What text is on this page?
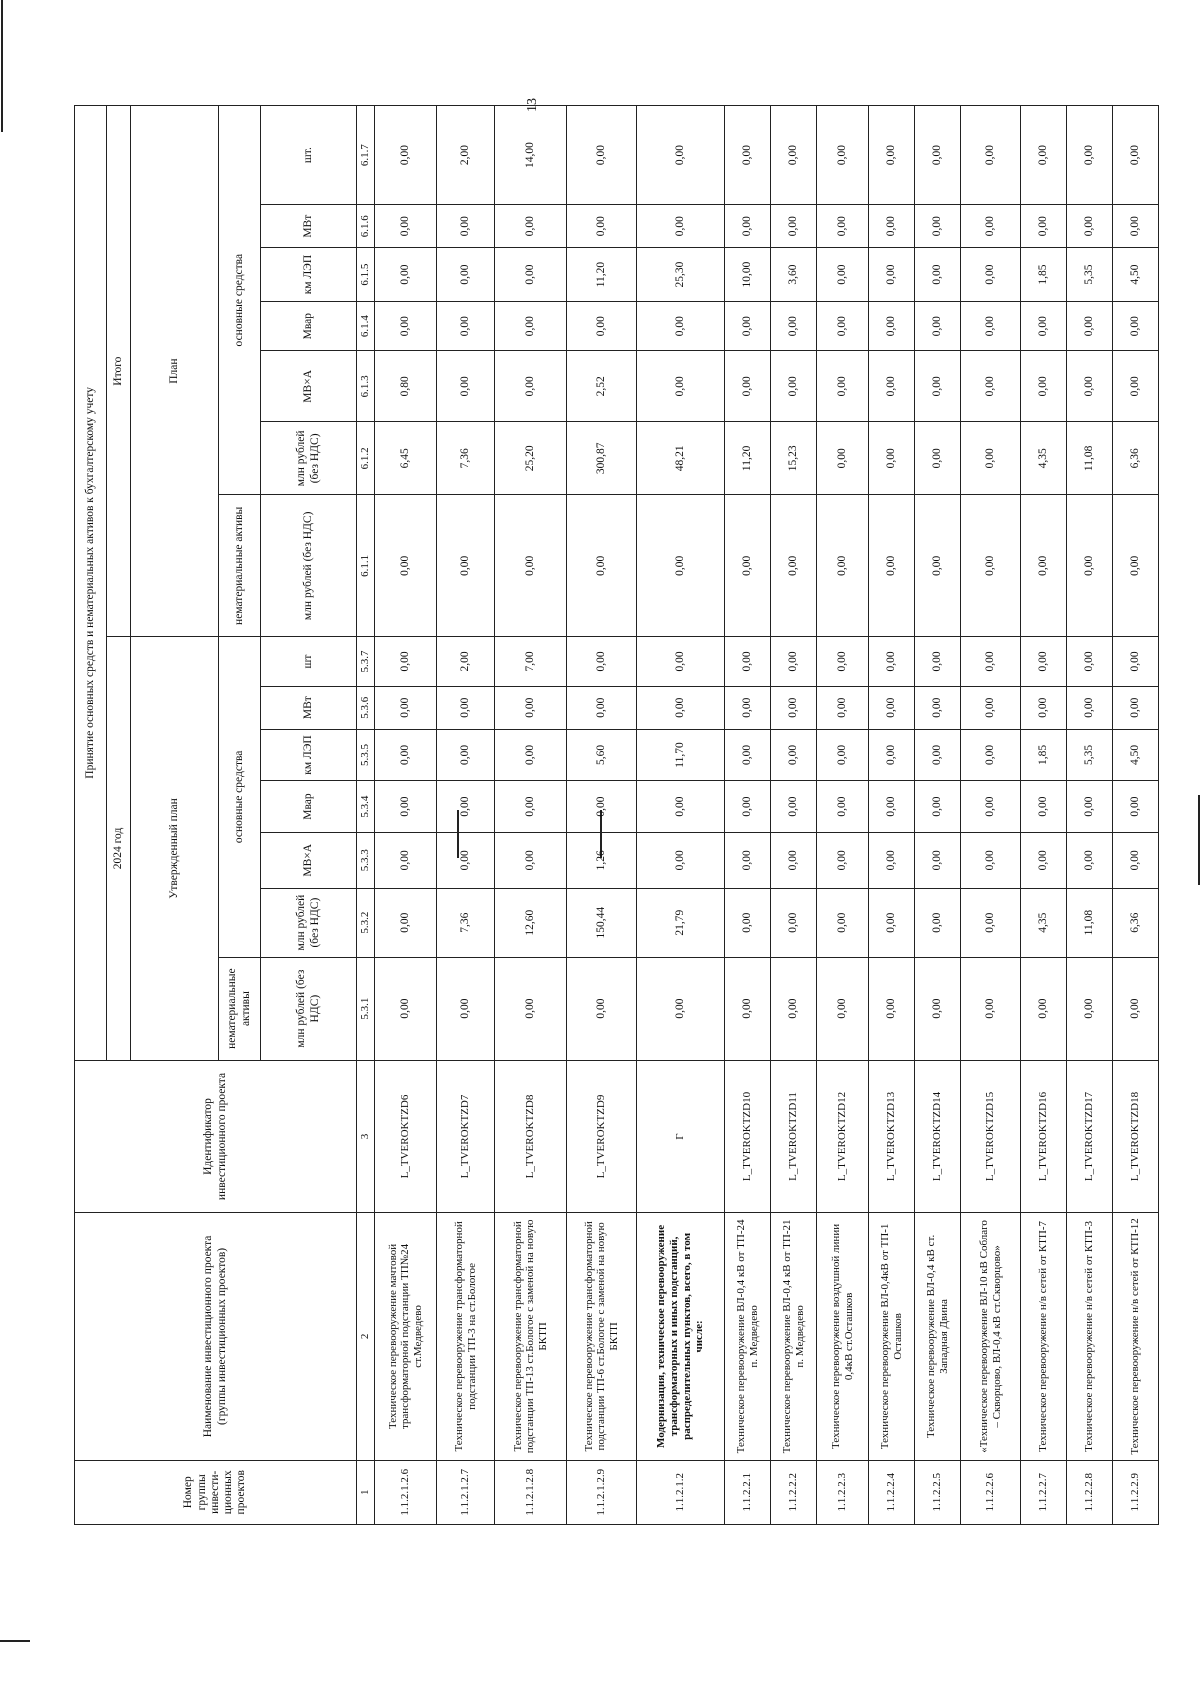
13
Номер группы инвести-ционных проектов	Наименование инвестиционного проекта (группы инвестиционных проектов)	Идентификатор инвестиционного проекта	Принятие основных средств и нематериальных активов к бухгалтерскому учету													
			2024 год							Итого						
			Утвержденный план							План						
			нематериальные активы	основные средства						нематериальные активы	основные средства					
			млн рублей (без НДС)	млн рублей (без НДС)	МВ×А	Мвар	км ЛЭП	МВт	шт	млн рублей (без НДС)	млн рублей (без НДС)	МВ×А	Мвар	км ЛЭП	МВт	шт.
1	2	3	5.3.1	5.3.2	5.3.3	5.3.4	5.3.5	5.3.6	5.3.7	6.1.1	6.1.2	6.1.3	6.1.4	6.1.5	6.1.6	6.1.7
1.1.2.1.2.6	Техническое перевооружение мачтовой трансформаторной подстанции ТП№24 ст.Медведево	L_TVEROKTZD6	0,00	0,00	0,00	0,00	0,00	0,00	0,00	0,00	6,45	0,80	0,00	0,00	0,00	0,00
1.1.2.1.2.7	Техническое перевооружение трансформаторной подстанции ТП-3 на ст.Бологое	L_TVEROKTZD7	0,00	7,36	0,00	0,00	0,00	0,00	2,00	0,00	7,36	0,00	0,00	0,00	0,00	2,00
1.1.2.1.2.8	Техническое перевооружение трансформаторной подстанции ТП-13 ст.Бологое с заменой на новую БКТП	L_TVEROKTZD8	0,00	12,60	0,00	0,00	0,00	0,00	7,00	0,00	25,20	0,00	0,00	0,00	0,00	14,00
1.1.2.1.2.9	Техническое перевооружение трансформаторной подстанции ТП-6 ст.Бологое с заменой на новую БКТП	L_TVEROKTZD9	0,00	150,44	1,26	0,00	5,60	0,00	0,00	0,00	300,87	2,52	0,00	11,20	0,00	0,00
1.1.2.1.2	Модернизация, техническое перевооружение трансформаторных и иных подстанций, распределительных пунктов, всего, в том числе:	Г	0,00	21,79	0,00	0,00	11,70	0,00	0,00	0,00	48,21	0,00	0,00	25,30	0,00	0,00
1.1.2.2.1	Техническое перевооружение ВЛ-0,4 кВ от ТП-24 п. Медведево	L_TVEROKTZD10	0,00	0,00	0,00	0,00	0,00	0,00	0,00	0,00	11,20	0,00	0,00	10,00	0,00	0,00
1.1.2.2.2	Техническое перевооружение ВЛ-0,4 кВ от ТП-21 п. Медведево	L_TVEROKTZD11	0,00	0,00	0,00	0,00	0,00	0,00	0,00	0,00	15,23	0,00	0,00	3,60	0,00	0,00
1.1.2.2.3	Техническое перевооружение воздушной линии 0,4кВ ст.Осташков	L_TVEROKTZD12	0,00	0,00	0,00	0,00	0,00	0,00	0,00	0,00	0,00	0,00	0,00	0,00	0,00	0,00
1.1.2.2.4	Техническое перевооружение ВЛ-0,4кВ от ТП-1 Осташков	L_TVEROKTZD13	0,00	0,00	0,00	0,00	0,00	0,00	0,00	0,00	0,00	0,00	0,00	0,00	0,00	0,00
1.1.2.2.5	Техническое перевооружение ВЛ-0,4 кВ ст. Западная Двина	L_TVEROKTZD14	0,00	0,00	0,00	0,00	0,00	0,00	0,00	0,00	0,00	0,00	0,00	0,00	0,00	0,00
1.1.2.2.6	«Техническое перевооружение ВЛ-10 кВ Соблаго – Скворцово, ВЛ-0,4 кВ ст.Скворцово»	L_TVEROKTZD15	0,00	0,00	0,00	0,00	0,00	0,00	0,00	0,00	0,00	0,00	0,00	0,00	0,00	0,00
1.1.2.2.7	Техническое перевооружение н/в сетей от КТП-7	L_TVEROKTZD16	0,00	4,35	0,00	0,00	1,85	0,00	0,00	0,00	4,35	0,00	0,00	1,85	0,00	0,00
1.1.2.2.8	Техническое перевооружение н/в сетей от КТП-3	L_TVEROKTZD17	0,00	11,08	0,00	0,00	5,35	0,00	0,00	0,00	11,08	0,00	0,00	5,35	0,00	0,00
1.1.2.2.9	Техническое перевооружение н/в сетей от КТП-12	L_TVEROKTZD18	0,00	6,36	0,00	0,00	4,50	0,00	0,00	0,00	6,36	0,00	0,00	4,50	0,00	0,00
